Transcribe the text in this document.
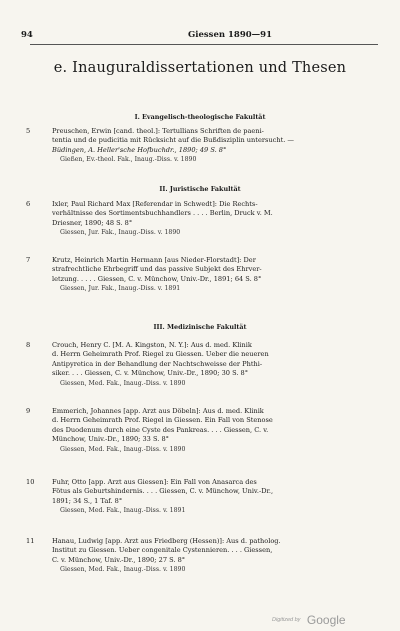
94	Giessen 1890—91
e. Inauguraldissertationen und Thesen
I. Evangelisch-theologische Fakultät
5	Preuschen, Erwin [cand. theol.]: Tertullians Schriften de paeni-
tentia und de pudicitia mit Rücksicht auf die Bußdisziplin untersucht. —
Büdingen, A. Heller'sche Hofbuchdr., 1890; 49 S. 8°
Gießen, Ev.-theol. Fak., Inaug.-Diss. v. 1890
II. Juristische Fakultät
6	Ixler, Paul Richard Max [Referendar in Schwedt]: Die Rechts-
verhältnisse des Sortimentsbuchhandlers . . . . Berlin, Druck v. M.
Driesner, 1890; 48 S. 8°
Giessen, Jur. Fak., Inaug.-Diss. v. 1890
7	Krutz, Heinrich Martin Hermann [aus Nieder-Florstadt]: Der
strafrechtliche Ehrbegriff und das passive Subjekt des Ehrver-
letzung. . . . . Giessen, C. v. Münchow, Univ.-Dr., 1891; 64 S. 8°
Giessen, Jur. Fak., Inaug.-Diss. v. 1891
III. Medizinische Fakultät
8	Crouch, Henry C. [M. A. Kingston, N. Y.]: Aus d. med. Klinik
d. Herrn Geheimrath Prof. Riegel zu Giessen. Ueber die neueren
Antipyretica in der Behandlung der Nachtschweisse der Phthi-
siker. . . . Giessen, C. v. Münchow, Univ.-Dr., 1890; 30 S. 8°
Giessen, Med. Fak., Inaug.-Diss. v. 1890
9	Emmerich, Johannes [app. Arzt aus Döbeln]: Aus d. med. Klinik
d. Herrn Geheimrath Prof. Riegel in Giessen. Ein Fall von Stenose
des Duodenum durch eine Cyste des Pankreas. . . . Giessen, C. v.
Münchow, Univ.-Dr., 1890; 33 S. 8°
Giessen, Med. Fak., Inaug.-Diss. v. 1890
10	Fuhr, Otto [app. Arzt aus Giessen]: Ein Fall von Anasarca des
Fötus als Geburtshindernis. . . . Giessen, C. v. Münchow, Univ.-Dr.,
1891; 34 S., 1 Taf. 8°
Giessen, Med. Fak., Inaug.-Diss. v. 1891
11	Hanau, Ludwig [app. Arzt aus Friedberg (Hessen)]: Aus d. patholog.
Institut zu Giessen. Ueber congenitale Cystennieren. . . . Giessen,
C. v. Münchow, Univ.-Dr., 1890; 27 S. 8°
Giessen, Med. Fak., Inaug.-Diss. v. 1890
Digitized by Google
